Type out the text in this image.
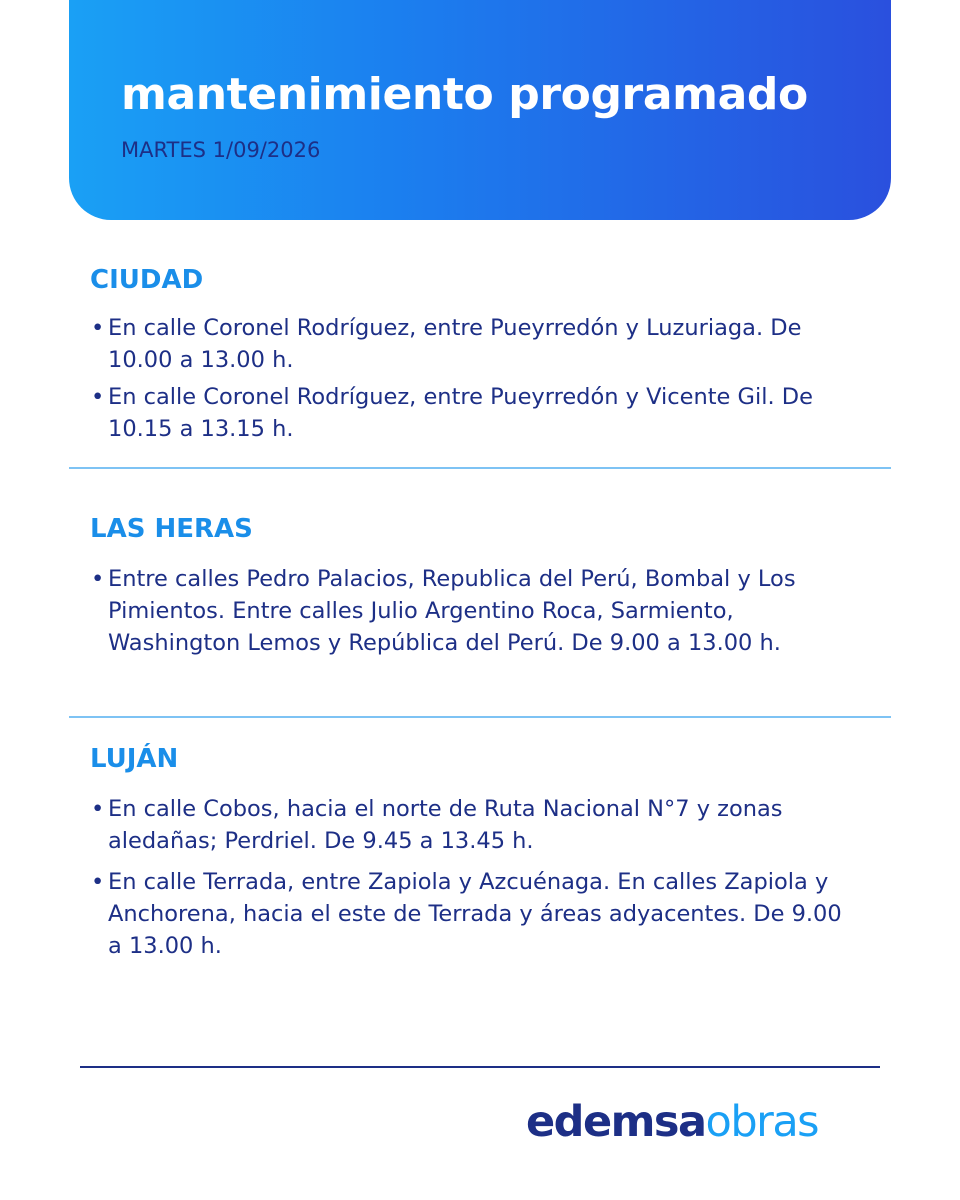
mantenimiento programado
MARTES 1/09/2026
CIUDAD
• En calle Coronel Rodríguez, entre Pueyrredón y Luzuriaga. De 10.00 a 13.00 h.
• En calle Coronel Rodríguez, entre Pueyrredón y Vicente Gil. De 10.15 a 13.15 h.
LAS HERAS
• Entre calles Pedro Palacios, Republica del Perú, Bombal y Los Pimientos. Entre calles Julio Argentino Roca, Sarmiento, Washington Lemos y República del Perú. De 9.00 a 13.00 h.
LUJÁN
• En calle Cobos, hacia el norte de Ruta Nacional N°7 y zonas aledañas; Perdriel. De 9.45 a 13.45 h.
• En calle Terrada, entre Zapiola y Azcuénaga. En calles Zapiola y Anchorena, hacia el este de Terrada y áreas adyacentes. De 9.00 a 13.00 h.
edemsaobras
